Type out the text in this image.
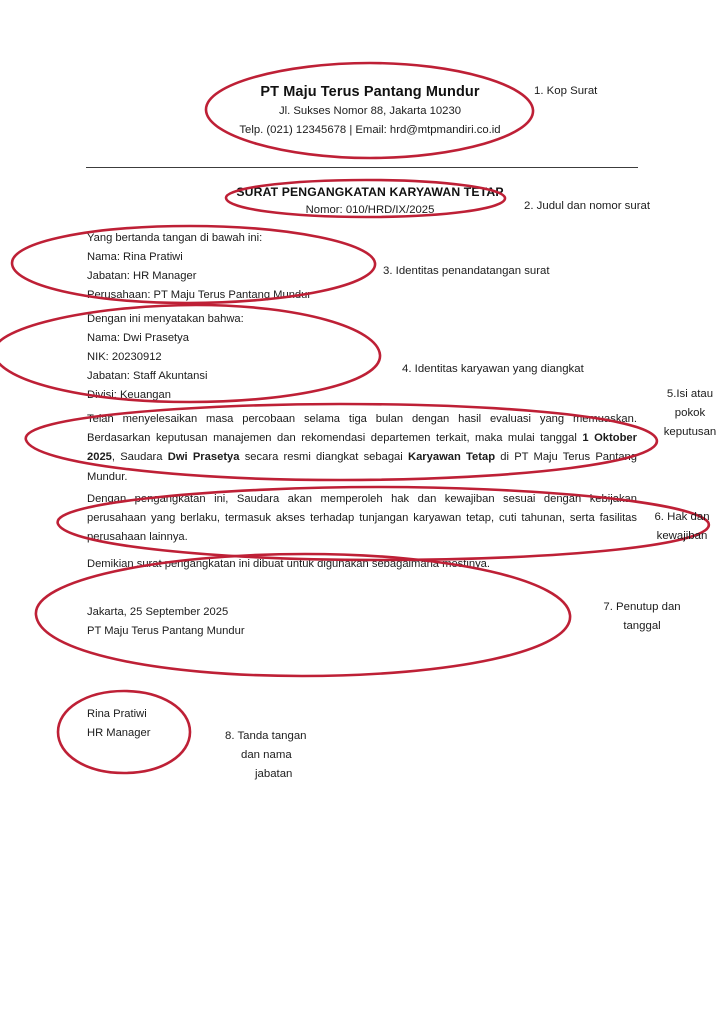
PT Maju Terus Pantang Mundur
Jl. Sukses Nomor 88, Jakarta 10230
Telp. (021) 12345678 | Email: hrd@mtpmandiri.co.id
SURAT PENGANGKATAN KARYAWAN TETAP
Nomor: 010/HRD/IX/2025
Yang bertanda tangan di bawah ini:
Nama: Rina Pratiwi
Jabatan: HR Manager
Perusahaan: PT Maju Terus Pantang Mundur
Dengan ini menyatakan bahwa:
Nama: Dwi Prasetya
NIK: 20230912
Jabatan: Staff Akuntansi
Divisi: Keuangan
Telah menyelesaikan masa percobaan selama tiga bulan dengan hasil evaluasi yang memuaskan. Berdasarkan keputusan manajemen dan rekomendasi departemen terkait, maka mulai tanggal 1 Oktober 2025, Saudara Dwi Prasetya secara resmi diangkat sebagai Karyawan Tetap di PT Maju Terus Pantang Mundur.
Dengan pengangkatan ini, Saudara akan memperoleh hak dan kewajiban sesuai dengan kebijakan perusahaan yang berlaku, termasuk akses terhadap tunjangan karyawan tetap, cuti tahunan, serta fasilitas perusahaan lainnya.
Demikian surat pengangkatan ini dibuat untuk digunakan sebagaimana mestinya.
Jakarta, 25 September 2025
PT Maju Terus Pantang Mundur
Rina Pratiwi
HR Manager
1. Kop Surat
2. Judul dan nomor surat
3. Identitas penandatangan surat
4. Identitas karyawan yang diangkat
5.Isi atau
pokok
keputusan
6. Hak dan
kewajiban
7. Penutup dan
tanggal
8. Tanda tangan
dan nama
jabatan
